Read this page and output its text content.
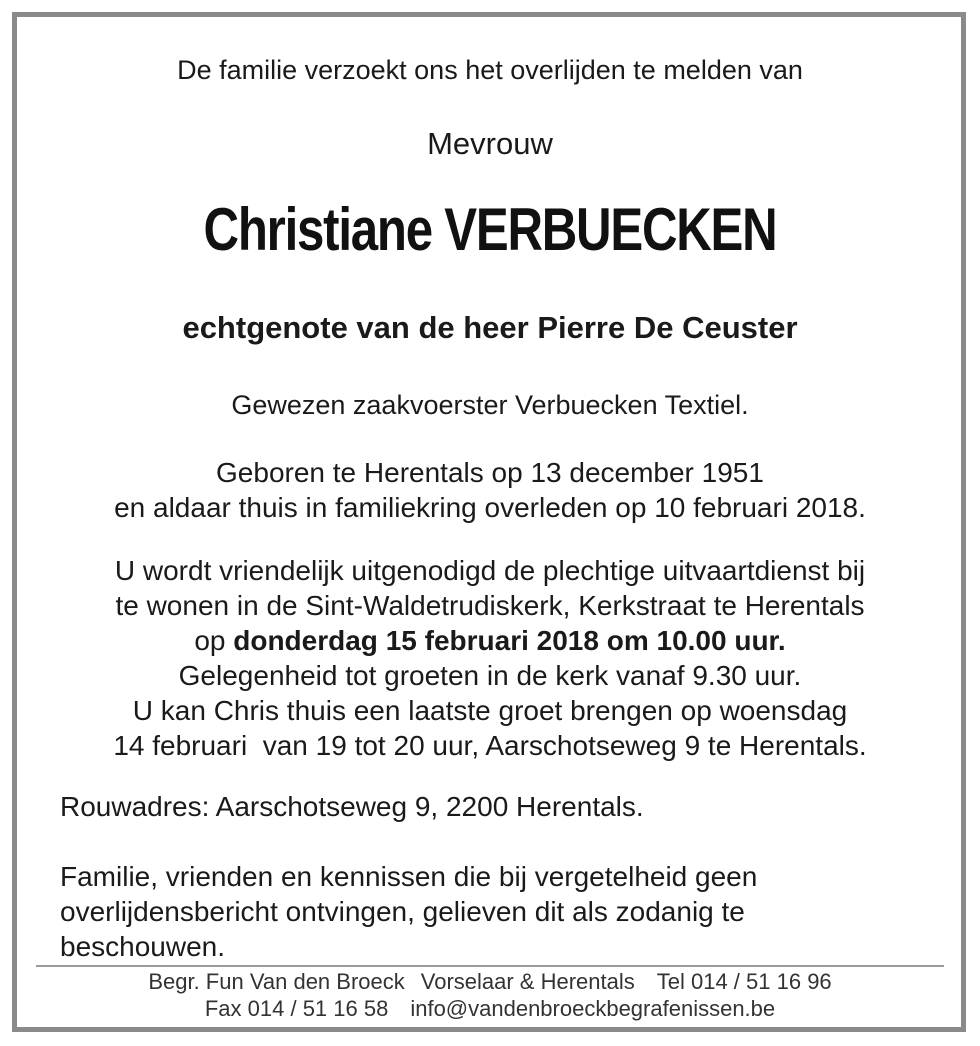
De familie verzoekt ons het overlijden te melden van
Mevrouw
Christiane VERBUECKEN
echtgenote van de heer Pierre De Ceuster
Gewezen zaakvoerster Verbuecken Textiel.
Geboren te Herentals op 13 december 1951
en aldaar thuis in familiekring overleden op 10 februari 2018.
U wordt vriendelijk uitgenodigd de plechtige uitvaartdienst bij
te wonen in de Sint-Waldetrudiskerk, Kerkstraat te Herentals
op donderdag 15 februari 2018 om 10.00 uur.
Gelegenheid tot groeten in de kerk vanaf 9.30 uur.
U kan Chris thuis een laatste groet brengen op woensdag
14 februari  van 19 tot 20 uur, Aarschotseweg 9 te Herentals.
Rouwadres: Aarschotseweg 9, 2200 Herentals.
Familie, vrienden en kennissen die bij vergetelheid geen
overlijdensbericht ontvingen, gelieven dit als zodanig te
beschouwen.
Begr. Fun Van den Broeck Vorselaar & Herentals Tel 014 / 51 16 96
Fax 014 / 51 16 58 info@vandenbroeckbegrafenissen.be
